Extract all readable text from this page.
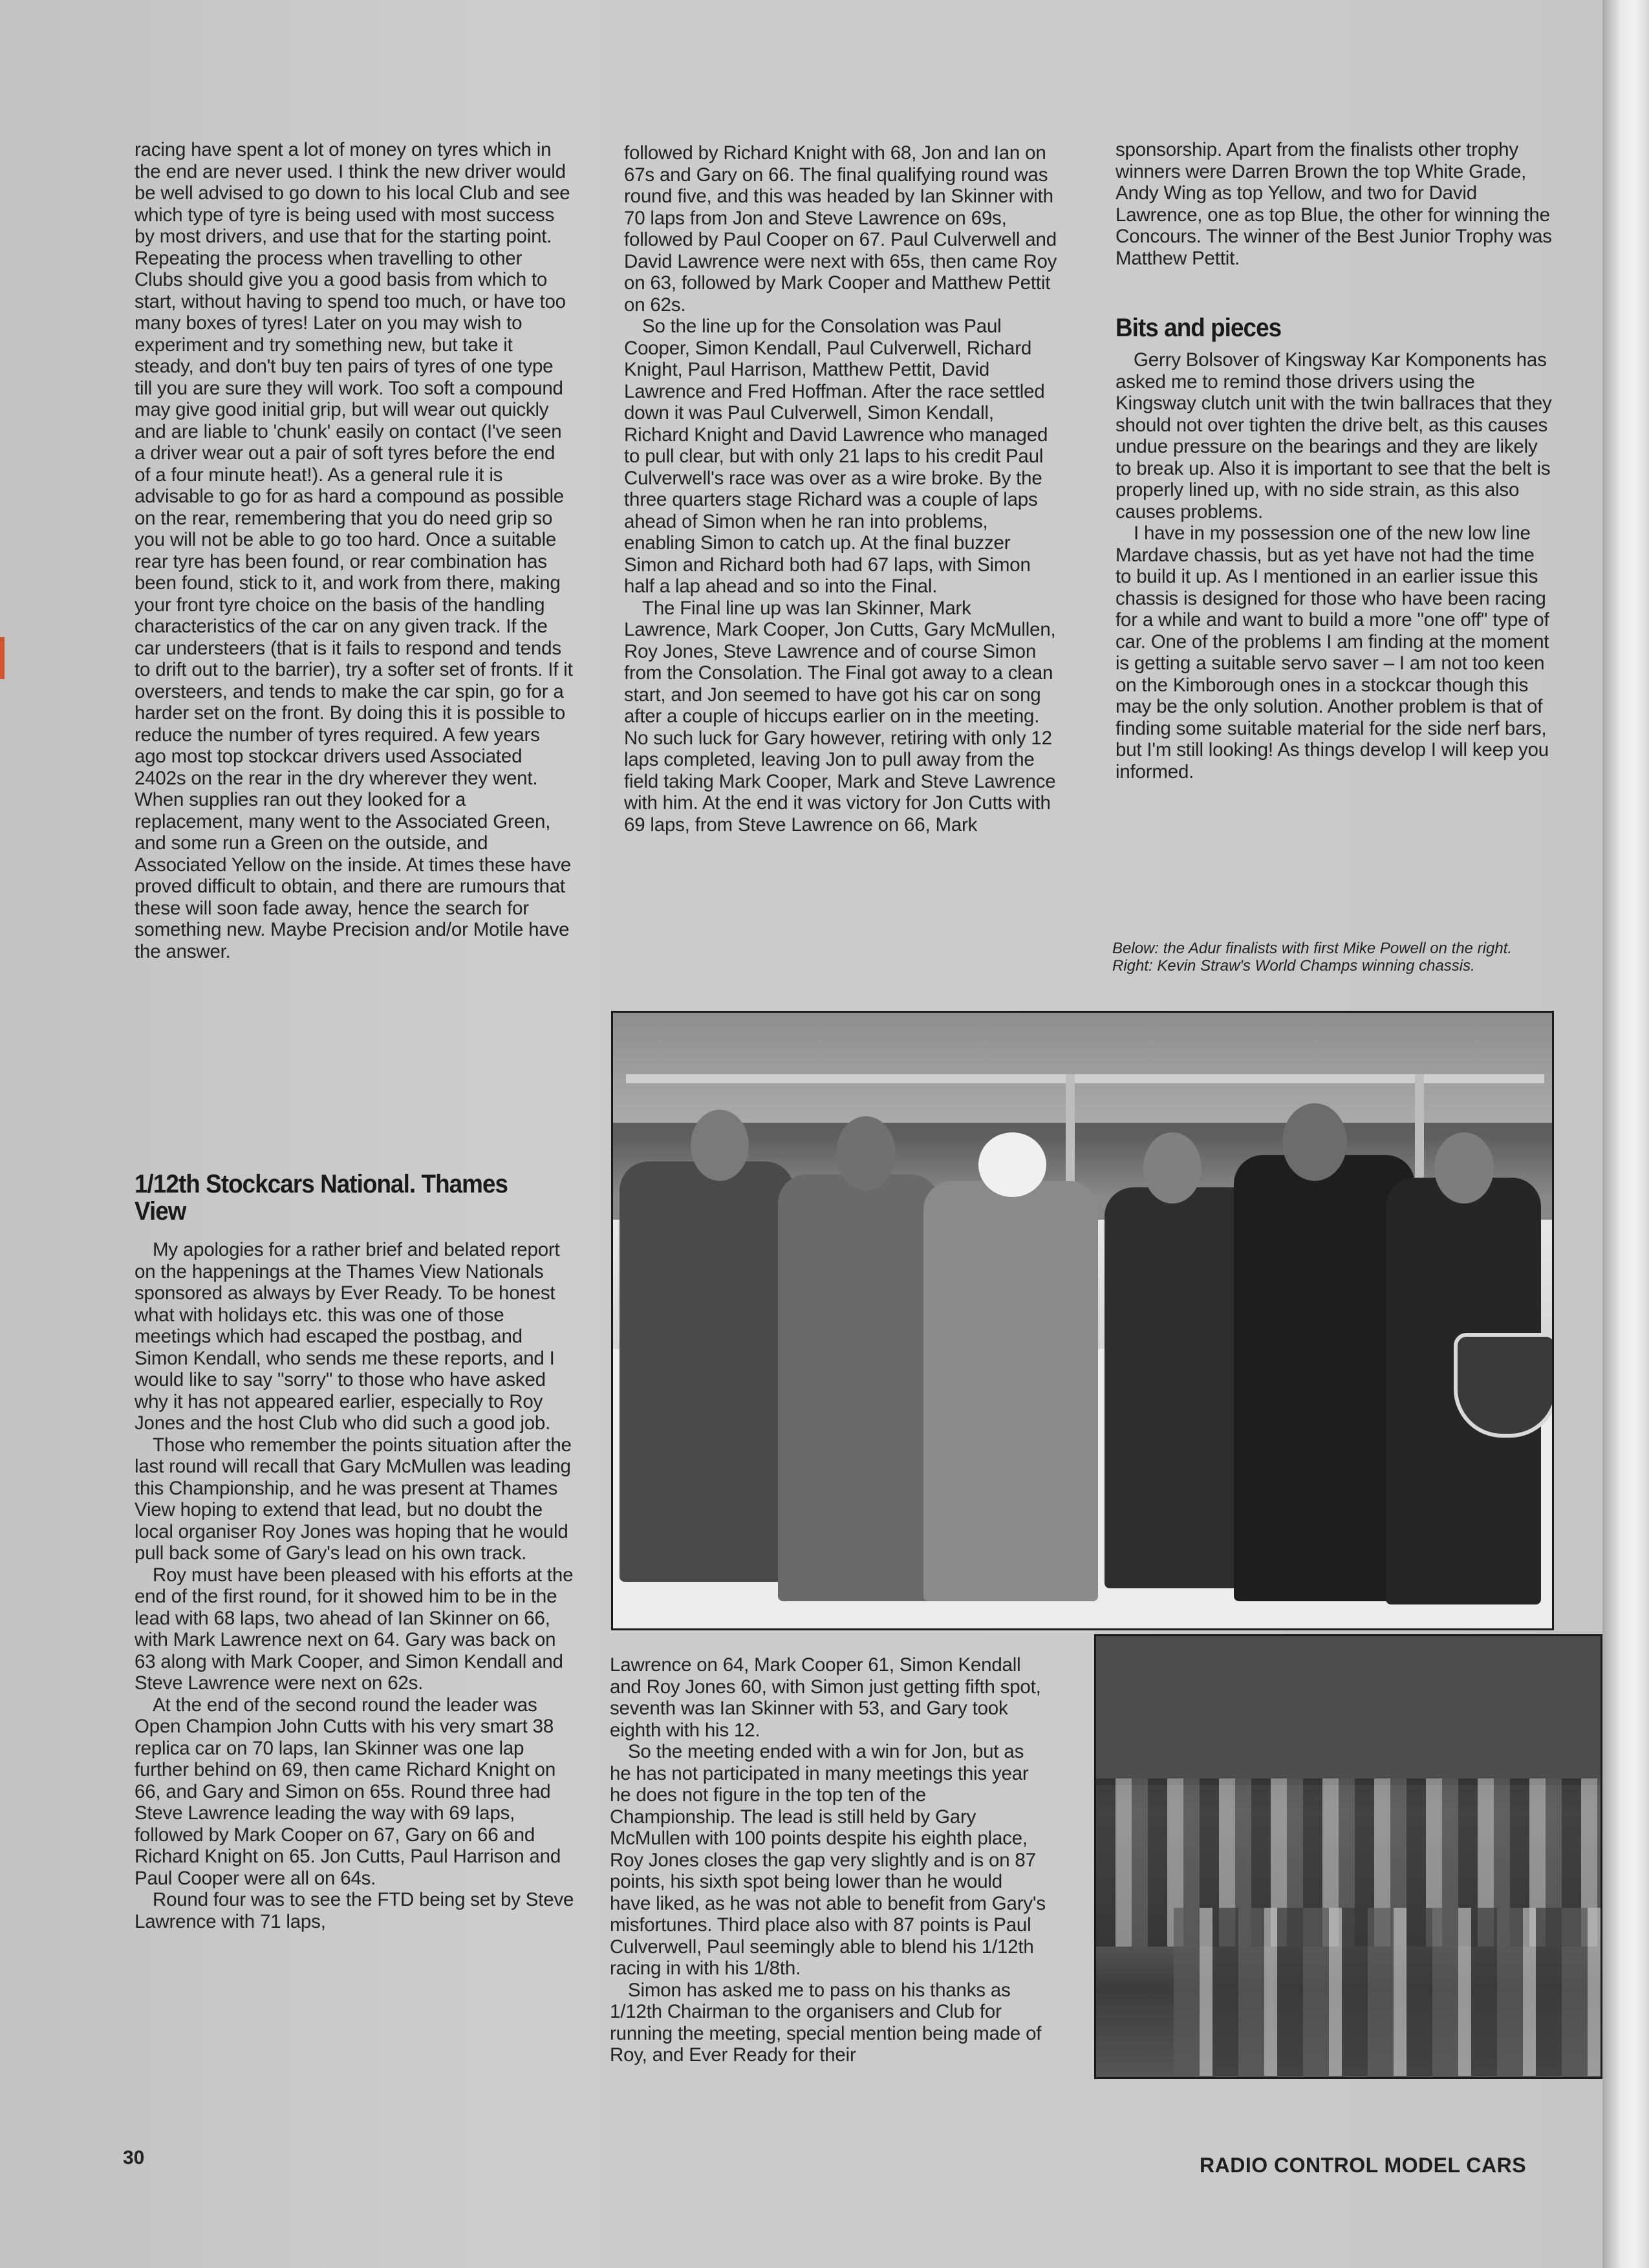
racing have spent a lot of money on tyres which in the end are never used. I think the new driver would be well advised to go down to his local Club and see which type of tyre is being used with most success by most drivers, and use that for the starting point. Repeating the process when travelling to other Clubs should give you a good basis from which to start, without having to spend too much, or have too many boxes of tyres! Later on you may wish to experiment and try something new, but take it steady, and don't buy ten pairs of tyres of one type till you are sure they will work. Too soft a compound may give good initial grip, but will wear out quickly and are liable to 'chunk' easily on contact (I've seen a driver wear out a pair of soft tyres before the end of a four minute heat!). As a general rule it is advisable to go for as hard a compound as possible on the rear, remembering that you do need grip so you will not be able to go too hard. Once a suitable rear tyre has been found, or rear combination has been found, stick to it, and work from there, making your front tyre choice on the basis of the handling characteristics of the car on any given track. If the car understeers (that is it fails to respond and tends to drift out to the barrier), try a softer set of fronts. If it oversteers, and tends to make the car spin, go for a harder set on the front. By doing this it is possible to reduce the number of tyres required. A few years ago most top stockcar drivers used Associated 2402s on the rear in the dry wherever they went. When supplies ran out they looked for a replacement, many went to the Associated Green, and some run a Green on the outside, and Associated Yellow on the inside. At times these have proved difficult to obtain, and there are rumours that these will soon fade away, hence the search for something new. Maybe Precision and/or Motile have the answer.

1/12th Stockcars National. Thames View

My apologies for a rather brief and belated report on the happenings at the Thames View Nationals sponsored as always by Ever Ready. To be honest what with holidays etc. this was one of those meetings which had escaped the postbag, and Simon Kendall, who sends me these reports, and I would like to say "sorry" to those who have asked why it has not appeared earlier, especially to Roy Jones and the host Club who did such a good job.

Those who remember the points situation after the last round will recall that Gary McMullen was leading this Championship, and he was present at Thames View hoping to extend that lead, but no doubt the local organiser Roy Jones was hoping that he would pull back some of Gary's lead on his own track.

Roy must have been pleased with his efforts at the end of the first round, for it showed him to be in the lead with 68 laps, two ahead of Ian Skinner on 66, with Mark Lawrence next on 64. Gary was back on 63 along with Mark Cooper, and Simon Kendall and Steve Lawrence were next on 62s.

At the end of the second round the leader was Open Champion John Cutts with his very smart 38 replica car on 70 laps, Ian Skinner was one lap further behind on 69, then came Richard Knight on 66, and Gary and Simon on 65s. Round three had Steve Lawrence leading the way with 69 laps, followed by Mark Cooper on 67, Gary on 66 and Richard Knight on 65. Jon Cutts, Paul Harrison and Paul Cooper were all on 64s.

Round four was to see the FTD being set by Steve Lawrence with 71 laps,

followed by Richard Knight with 68, Jon and Ian on 67s and Gary on 66. The final qualifying round was round five, and this was headed by Ian Skinner with 70 laps from Jon and Steve Lawrence on 69s, followed by Paul Cooper on 67. Paul Culverwell and David Lawrence were next with 65s, then came Roy on 63, followed by Mark Cooper and Matthew Pettit on 62s.

So the line up for the Consolation was Paul Cooper, Simon Kendall, Paul Culverwell, Richard Knight, Paul Harrison, Matthew Pettit, David Lawrence and Fred Hoffman. After the race settled down it was Paul Culverwell, Simon Kendall, Richard Knight and David Lawrence who managed to pull clear, but with only 21 laps to his credit Paul Culverwell's race was over as a wire broke. By the three quarters stage Richard was a couple of laps ahead of Simon when he ran into problems, enabling Simon to catch up. At the final buzzer Simon and Richard both had 67 laps, with Simon half a lap ahead and so into the Final.

The Final line up was Ian Skinner, Mark Lawrence, Mark Cooper, Jon Cutts, Gary McMullen, Roy Jones, Steve Lawrence and of course Simon from the Consolation. The Final got away to a clean start, and Jon seemed to have got his car on song after a couple of hiccups earlier on in the meeting. No such luck for Gary however, retiring with only 12 laps completed, leaving Jon to pull away from the field taking Mark Cooper, Mark and Steve Lawrence with him. At the end it was victory for Jon Cutts with 69 laps, from Steve Lawrence on 66, Mark

Lawrence on 64, Mark Cooper 61, Simon Kendall and Roy Jones 60, with Simon just getting fifth spot, seventh was Ian Skinner with 53, and Gary took eighth with his 12.

So the meeting ended with a win for Jon, but as he has not participated in many meetings this year he does not figure in the top ten of the Championship. The lead is still held by Gary McMullen with 100 points despite his eighth place, Roy Jones closes the gap very slightly and is on 87 points, his sixth spot being lower than he would have liked, as he was not able to benefit from Gary's misfortunes. Third place also with 87 points is Paul Culverwell, Paul seemingly able to blend his 1/12th racing in with his 1/8th.

Simon has asked me to pass on his thanks as 1/12th Chairman to the organisers and Club for running the meeting, special mention being made of Roy, and Ever Ready for their

sponsorship. Apart from the finalists other trophy winners were Darren Brown the top White Grade, Andy Wing as top Yellow, and two for David Lawrence, one as top Blue, the other for winning the Concours. The winner of the Best Junior Trophy was Matthew Pettit.

Bits and pieces

Gerry Bolsover of Kingsway Kar Komponents has asked me to remind those drivers using the Kingsway clutch unit with the twin ballraces that they should not over tighten the drive belt, as this causes undue pressure on the bearings and they are likely to break up. Also it is important to see that the belt is properly lined up, with no side strain, as this also causes problems.

I have in my possession one of the new low line Mardave chassis, but as yet have not had the time to build it up. As I mentioned in an earlier issue this chassis is designed for those who have been racing for a while and want to build a more "one off" type of car. One of the problems I am finding at the moment is getting a suitable servo saver – I am not too keen on the Kimborough ones in a stockcar though this may be the only solution. Another problem is that of finding some suitable material for the side nerf bars, but I'm still looking! As things develop I will keep you informed.

Below: the Adur finalists with first Mike Powell on the right. Right: Kevin Straw's World Champs winning chassis.
30	RADIO CONTROL MODEL CARS
